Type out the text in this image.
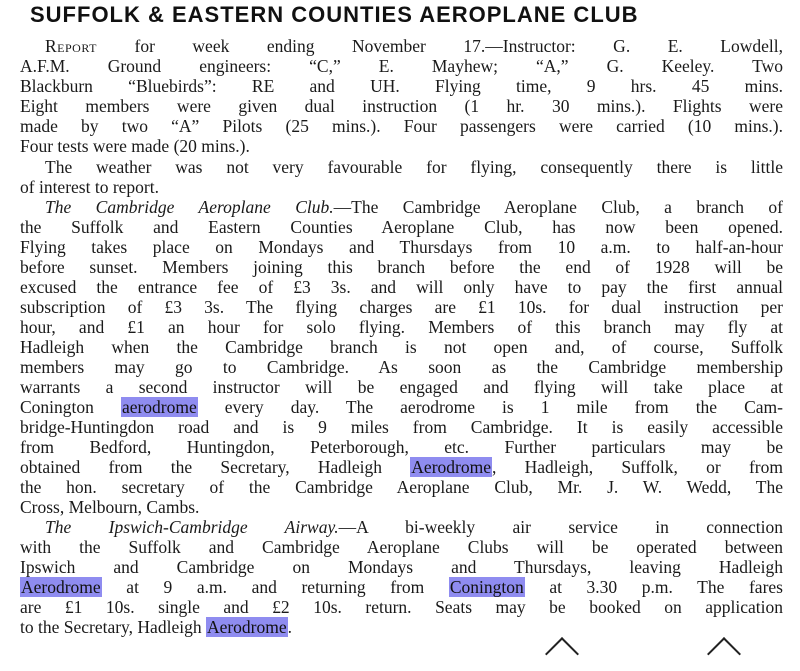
SUFFOLK & EASTERN COUNTIES AEROPLANE CLUB
Report for week ending November 17.—Instructor: G. E. Lowdell,
A.F.M. Ground engineers: “C,” E. Mayhew; “A,” G. Keeley. Two
Blackburn “Bluebirds”: RE and UH. Flying time, 9 hrs. 45 mins.
Eight members were given dual instruction (1 hr. 30 mins.). Flights were
made by two “A” Pilots (25 mins.). Four passengers were carried (10 mins.).
Four tests were made (20 mins.).
The weather was not very favourable for flying, consequently there is little
of interest to report.
The Cambridge Aeroplane Club.—The Cambridge Aeroplane Club, a branch of
the Suffolk and Eastern Counties Aeroplane Club, has now been opened.
Flying takes place on Mondays and Thursdays from 10 a.m. to half-an-hour
before sunset. Members joining this branch before the end of 1928 will be
excused the entrance fee of £3 3s. and will only have to pay the first annual
subscription of £3 3s. The flying charges are £1 10s. for dual instruction per
hour, and £1 an hour for solo flying. Members of this branch may fly at
Hadleigh when the Cambridge branch is not open and, of course, Suffolk
members may go to Cambridge. As soon as the Cambridge membership
warrants a second instructor will be engaged and flying will take place at
Conington aerodrome every day. The aerodrome is 1 mile from the Cam-
bridge-Huntingdon road and is 9 miles from Cambridge. It is easily accessible
from Bedford, Huntingdon, Peterborough, etc. Further particulars may be
obtained from the Secretary, Hadleigh Aerodrome, Hadleigh, Suffolk, or from
the hon. secretary of the Cambridge Aeroplane Club, Mr. J. W. Wedd, The
Cross, Melbourn, Cambs.
The Ipswich-Cambridge Airway.—A bi-weekly air service in connection
with the Suffolk and Cambridge Aeroplane Clubs will be operated between
Ipswich and Cambridge on Mondays and Thursdays, leaving Hadleigh
Aerodrome at 9 a.m. and returning from Conington at 3.30 p.m. The fares
are £1 10s. single and £2 10s. return. Seats may be booked on application
to the Secretary, Hadleigh Aerodrome.
